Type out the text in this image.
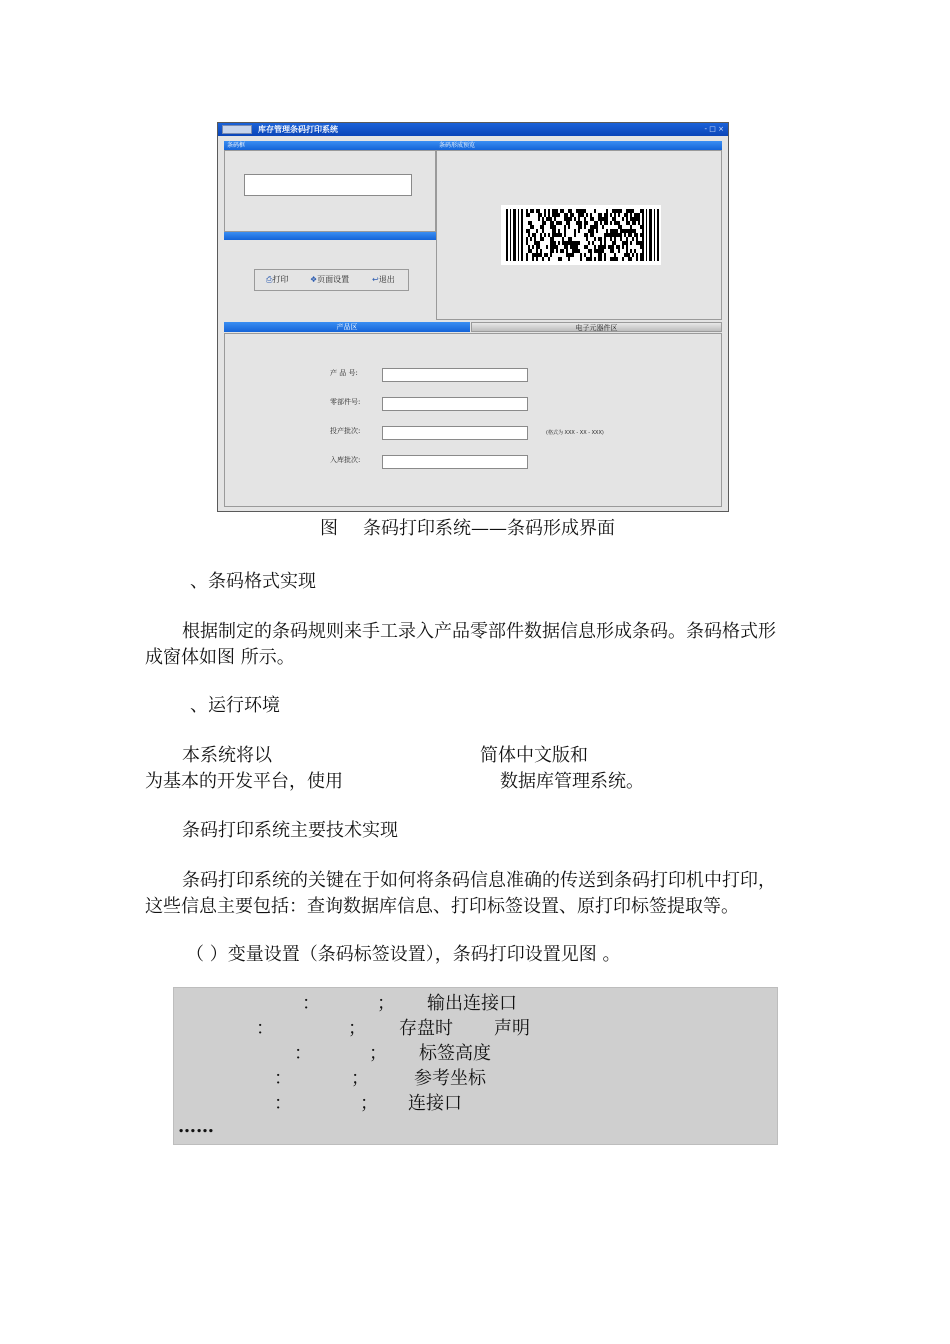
库存管理条码打印系统	- □ ×
条码框
⎙打印	❖页面设置	↩退出
条码形成预览
产品区	电子元器件区
产 品 号:
零部件号:
投产批次:	(格式为 XXX - XX - XXX)
入库批次:
图 条码打印系统——条码形成界面
、条码格式实现
根据制定的条码规则来手工录入产品零部件数据信息形成条码。条码格式形
成窗体如图 所示。
、运行环境
本系统将以	简体中文版和
为基本的开发平台，使用	数据库管理系统。
条码打印系统主要技术实现
条码打印系统的关键在于如何将条码信息准确的传送到条码打印机中打印，
这些信息主要包括：查询数据库信息、打印标签设置、原打印标签提取等。
（ ）变量设置（条码标签设置），条码打印设置见图 。
：	； 输出连接口
：	； 存盘时 声明
：	； 标签高度
：	；	参考坐标
：	； 连接口
……
